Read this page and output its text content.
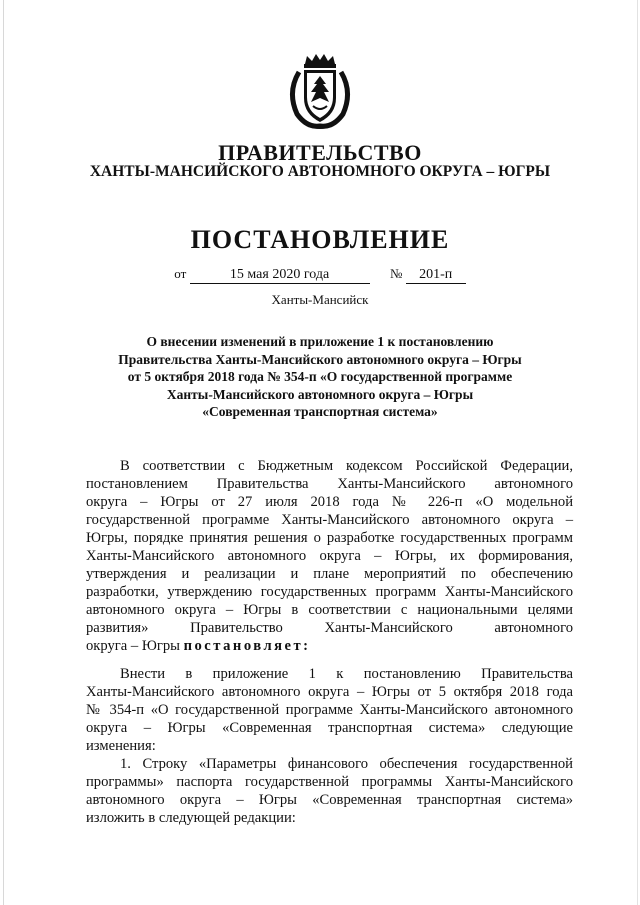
ПРАВИТЕЛЬСТВО
ХАНТЫ-МАНСИЙСКОГО АВТОНОМНОГО ОКРУГА – ЮГРЫ
ПОСТАНОВЛЕНИЕ
от	15 мая 2020 года	№ 201-п
Ханты-Мансийск
О внесении изменений в приложение 1 к постановлению
Правительства Ханты-Мансийского автономного округа – Югры
от 5 октября 2018 года № 354-п «О государственной программе
Ханты-Мансийского автономного округа – Югры
«Современная транспортная система»
В соответствии с Бюджетным кодексом Российской Федерации,
постановлением Правительства Ханты-Мансийского автономного
округа – Югры от 27 июля 2018 года № 226-п «О модельной
государственной программе Ханты-Мансийского автономного округа –
Югры, порядке принятия решения о разработке государственных программ
Ханты-Мансийского автономного округа – Югры, их формирования,
утверждения и реализации и плане мероприятий по обеспечению
разработки, утверждению государственных программ Ханты-Мансийского
автономного округа – Югры в соответствии с национальными целями
развития» Правительство Ханты-Мансийского автономного
округа – Югры постановляет:
Внести в приложение 1 к постановлению Правительства
Ханты-Мансийского автономного округа – Югры от 5 октября 2018 года
№ 354-п «О государственной программе Ханты-Мансийского автономного
округа – Югры «Современная транспортная система» следующие
изменения:
1. Строку «Параметры финансового обеспечения государственной
программы» паспорта государственной программы Ханты-Мансийского
автономного округа – Югры «Современная транспортная система»
изложить в следующей редакции:
